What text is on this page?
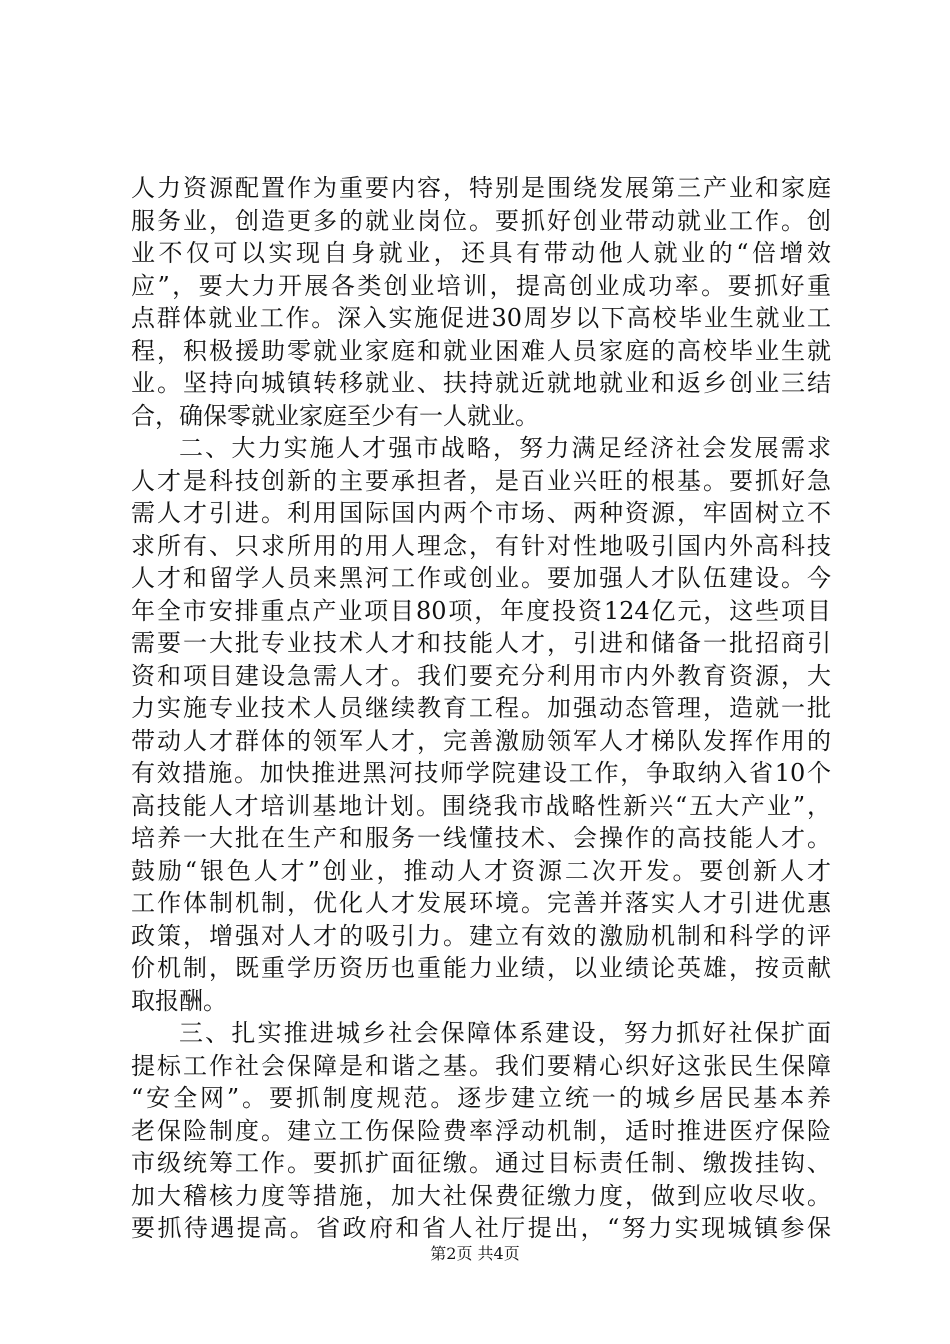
人力资源配置作为重要内容，特别是围绕发展第三产业和家庭
服务业，创造更多的就业岗位。要抓好创业带动就业工作。创
业不仅可以实现自身就业，还具有带动他人就业的“倍增效
应”，要大力开展各类创业培训，提高创业成功率。要抓好重
点群体就业工作。深入实施促进30周岁以下高校毕业生就业工
程，积极援助零就业家庭和就业困难人员家庭的高校毕业生就
业。坚持向城镇转移就业、扶持就近就地就业和返乡创业三结
合，确保零就业家庭至少有一人就业。
二、大力实施人才强市战略，努力满足经济社会发展需求
人才是科技创新的主要承担者，是百业兴旺的根基。要抓好急
需人才引进。利用国际国内两个市场、两种资源，牢固树立不
求所有、只求所用的用人理念，有针对性地吸引国内外高科技
人才和留学人员来黑河工作或创业。要加强人才队伍建设。今
年全市安排重点产业项目80项，年度投资124亿元，这些项目
需要一大批专业技术人才和技能人才，引进和储备一批招商引
资和项目建设急需人才。我们要充分利用市内外教育资源，大
力实施专业技术人员继续教育工程。加强动态管理，造就一批
带动人才群体的领军人才，完善激励领军人才梯队发挥作用的
有效措施。加快推进黑河技师学院建设工作，争取纳入省10个
高技能人才培训基地计划。围绕我市战略性新兴“五大产业”，
培养一大批在生产和服务一线懂技术、会操作的高技能人才。
鼓励“银色人才”创业，推动人才资源二次开发。要创新人才
工作体制机制，优化人才发展环境。完善并落实人才引进优惠
政策，增强对人才的吸引力。建立有效的激励机制和科学的评
价机制，既重学历资历也重能力业绩，以业绩论英雄，按贡献
取报酬。
三、扎实推进城乡社会保障体系建设，努力抓好社保扩面
提标工作社会保障是和谐之基。我们要精心织好这张民生保障
“安全网”。要抓制度规范。逐步建立统一的城乡居民基本养
老保险制度。建立工伤保险费率浮动机制，适时推进医疗保险
市级统筹工作。要抓扩面征缴。通过目标责任制、缴拨挂钩、
加大稽核力度等措施，加大社保费征缴力度，做到应收尽收。
要抓待遇提高。省政府和省人社厅提出，“努力实现城镇参保
第2页 共4页
